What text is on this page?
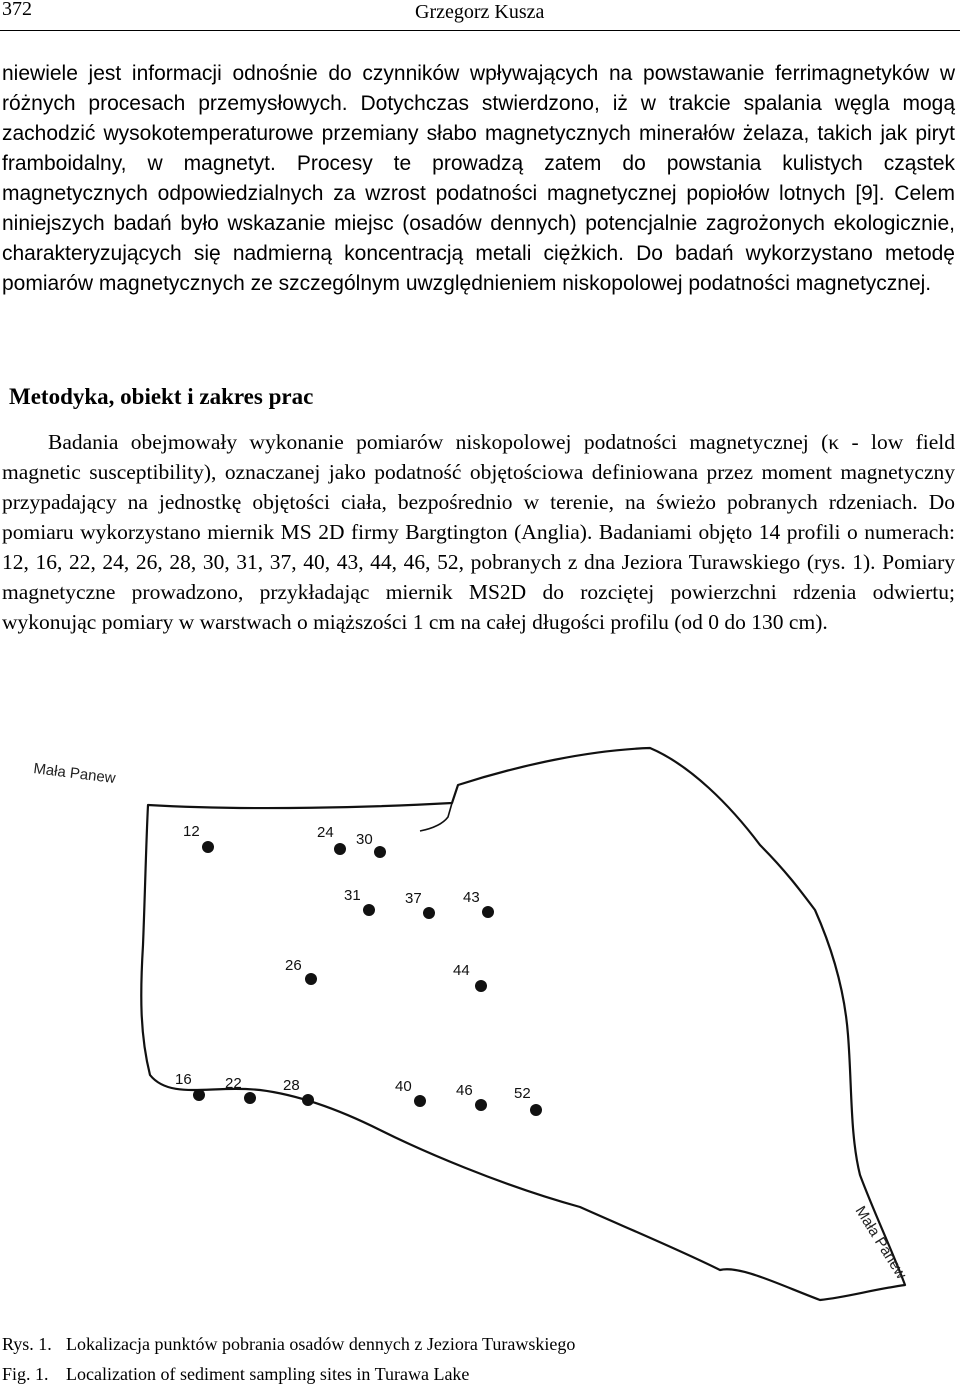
372	Grzegorz Kusza

niewiele jest informacji odnośnie do czynników wpływających na powstawanie ferrimagnetyków w różnych procesach przemysłowych. Dotychczas stwierdzono, iż w trakcie spalania węgla mogą zachodzić wysokotemperaturowe przemiany słabo magnetycznych minerałów żelaza, takich jak piryt framboidalny, w magnetyt. Procesy te prowadzą zatem do powstania kulistych cząstek magnetycznych odpowiedzialnych za wzrost podatności magnetycznej popiołów lotnych [9]. Celem niniejszych badań było wskazanie miejsc (osadów dennych) potencjalnie zagrożonych ekologicznie, charakteryzujących się nadmierną koncentracją metali ciężkich. Do badań wykorzystano metodę pomiarów magnetycznych ze szczególnym uwzględnieniem niskopolowej podatności magnetycznej.

Metodyka, obiekt i zakres prac

Badania obejmowały wykonanie pomiarów niskopolowej podatności magnetycznej (κ - low field magnetic susceptibility), oznaczanej jako podatność objętościowa definiowana przez moment magnetyczny przypadający na jednostkę objętości ciała, bezpośrednio w terenie, na świeżo pobranych rdzeniach. Do pomiaru wykorzystano miernik MS 2D firmy Bargtington (Anglia). Badaniami objęto 14 profili o numerach: 12, 16, 22, 24, 26, 28, 30, 31, 37, 40, 43, 44, 46, 52, pobranych z dna Jeziora Turawskiego (rys. 1). Pomiary magnetyczne prowadzono, przykładając miernik MS2D do rozciętej powierzchni rdzenia odwiertu; wykonując pomiary w warstwach o miąższości 1 cm na całej długości profilu (od 0 do 130 cm).

Mała Panew
Mała Panew
12	24 30
31	37	43
26	44
16 22	28	40	46	52

Rys. 1. Lokalizacja punktów pobrania osadów dennych z Jeziora Turawskiego

Fig. 1. Localization of sediment sampling sites in Turawa Lake
